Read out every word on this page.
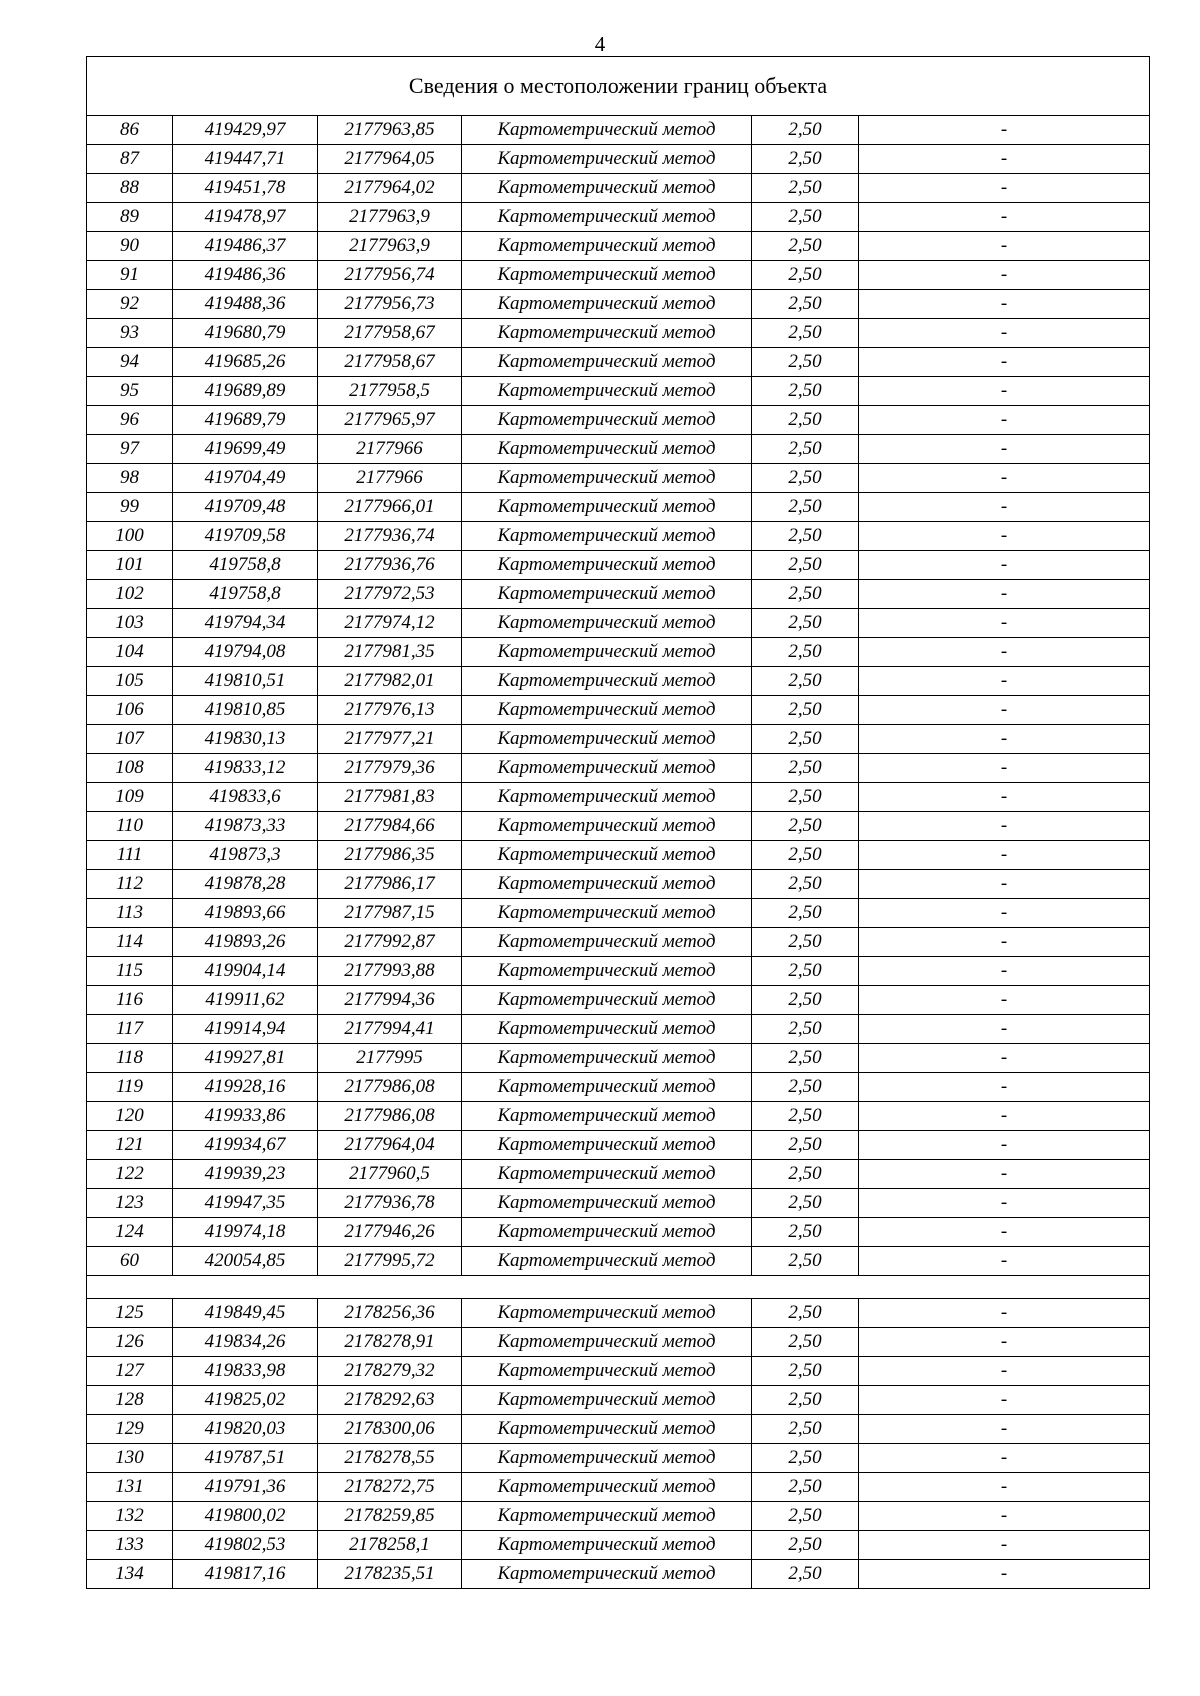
4
Сведения о местоположении границ объекта					
86	419429,97	2177963,85	Картометрический метод	2,50	-
87	419447,71	2177964,05	Картометрический метод	2,50	-
88	419451,78	2177964,02	Картометрический метод	2,50	-
89	419478,97	2177963,9	Картометрический метод	2,50	-
90	419486,37	2177963,9	Картометрический метод	2,50	-
91	419486,36	2177956,74	Картометрический метод	2,50	-
92	419488,36	2177956,73	Картометрический метод	2,50	-
93	419680,79	2177958,67	Картометрический метод	2,50	-
94	419685,26	2177958,67	Картометрический метод	2,50	-
95	419689,89	2177958,5	Картометрический метод	2,50	-
96	419689,79	2177965,97	Картометрический метод	2,50	-
97	419699,49	2177966	Картометрический метод	2,50	-
98	419704,49	2177966	Картометрический метод	2,50	-
99	419709,48	2177966,01	Картометрический метод	2,50	-
100	419709,58	2177936,74	Картометрический метод	2,50	-
101	419758,8	2177936,76	Картометрический метод	2,50	-
102	419758,8	2177972,53	Картометрический метод	2,50	-
103	419794,34	2177974,12	Картометрический метод	2,50	-
104	419794,08	2177981,35	Картометрический метод	2,50	-
105	419810,51	2177982,01	Картометрический метод	2,50	-
106	419810,85	2177976,13	Картометрический метод	2,50	-
107	419830,13	2177977,21	Картометрический метод	2,50	-
108	419833,12	2177979,36	Картометрический метод	2,50	-
109	419833,6	2177981,83	Картометрический метод	2,50	-
110	419873,33	2177984,66	Картометрический метод	2,50	-
111	419873,3	2177986,35	Картометрический метод	2,50	-
112	419878,28	2177986,17	Картометрический метод	2,50	-
113	419893,66	2177987,15	Картометрический метод	2,50	-
114	419893,26	2177992,87	Картометрический метод	2,50	-
115	419904,14	2177993,88	Картометрический метод	2,50	-
116	419911,62	2177994,36	Картометрический метод	2,50	-
117	419914,94	2177994,41	Картометрический метод	2,50	-
118	419927,81	2177995	Картометрический метод	2,50	-
119	419928,16	2177986,08	Картометрический метод	2,50	-
120	419933,86	2177986,08	Картометрический метод	2,50	-
121	419934,67	2177964,04	Картометрический метод	2,50	-
122	419939,23	2177960,5	Картометрический метод	2,50	-
123	419947,35	2177936,78	Картометрический метод	2,50	-
124	419974,18	2177946,26	Картометрический метод	2,50	-
60	420054,85	2177995,72	Картометрический метод	2,50	-

125	419849,45	2178256,36	Картометрический метод	2,50	-
126	419834,26	2178278,91	Картометрический метод	2,50	-
127	419833,98	2178279,32	Картометрический метод	2,50	-
128	419825,02	2178292,63	Картометрический метод	2,50	-
129	419820,03	2178300,06	Картометрический метод	2,50	-
130	419787,51	2178278,55	Картометрический метод	2,50	-
131	419791,36	2178272,75	Картометрический метод	2,50	-
132	419800,02	2178259,85	Картометрический метод	2,50	-
133	419802,53	2178258,1	Картометрический метод	2,50	-
134	419817,16	2178235,51	Картометрический метод	2,50	-
